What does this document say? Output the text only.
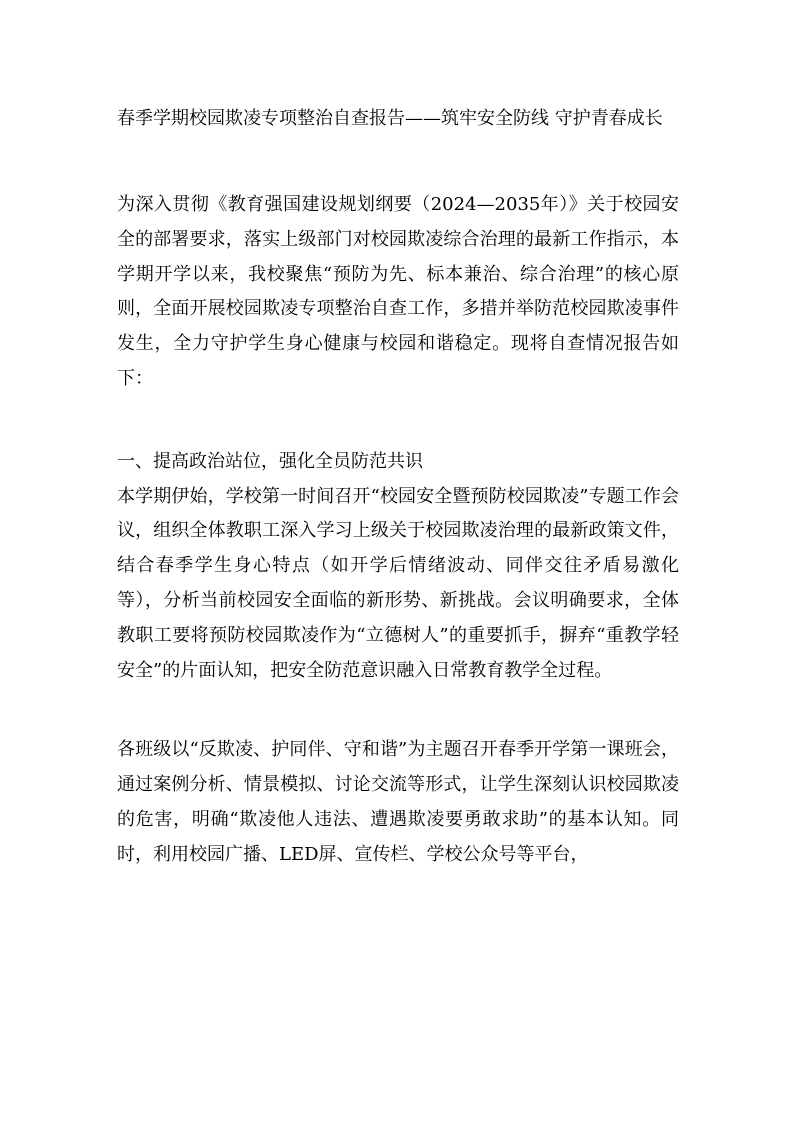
春季学期校园欺凌专项整治自查报告——筑牢安全防线 守护青春成长

为深入贯彻《教育强国建设规划纲要（2024—2035年）》关于校园安全的部署要求，落实上级部门对校园欺凌综合治理的最新工作指示，本学期开学以来，我校聚焦“预防为先、标本兼治、综合治理”的核心原则，全面开展校园欺凌专项整治自查工作，多措并举防范校园欺凌事件发生，全力守护学生身心健康与校园和谐稳定。现将自查情况报告如下：

一、提高政治站位，强化全员防范共识

本学期伊始，学校第一时间召开“校园安全暨预防校园欺凌”专题工作会议，组织全体教职工深入学习上级关于校园欺凌治理的最新政策文件，结合春季学生身心特点（如开学后情绪波动、同伴交往矛盾易激化等），分析当前校园安全面临的新形势、新挑战。会议明确要求，全体教职工要将预防校园欺凌作为“立德树人”的重要抓手，摒弃“重教学轻安全”的片面认知，把安全防范意识融入日常教育教学全过程。

各班级以“反欺凌、护同伴、守和谐”为主题召开春季开学第一课班会，通过案例分析、情景模拟、讨论交流等形式，让学生深刻认识校园欺凌的危害，明确“欺凌他人违法、遭遇欺凌要勇敢求助”的基本认知。同时，利用校园广播、LED屏、宣传栏、学校公众号等平台，
